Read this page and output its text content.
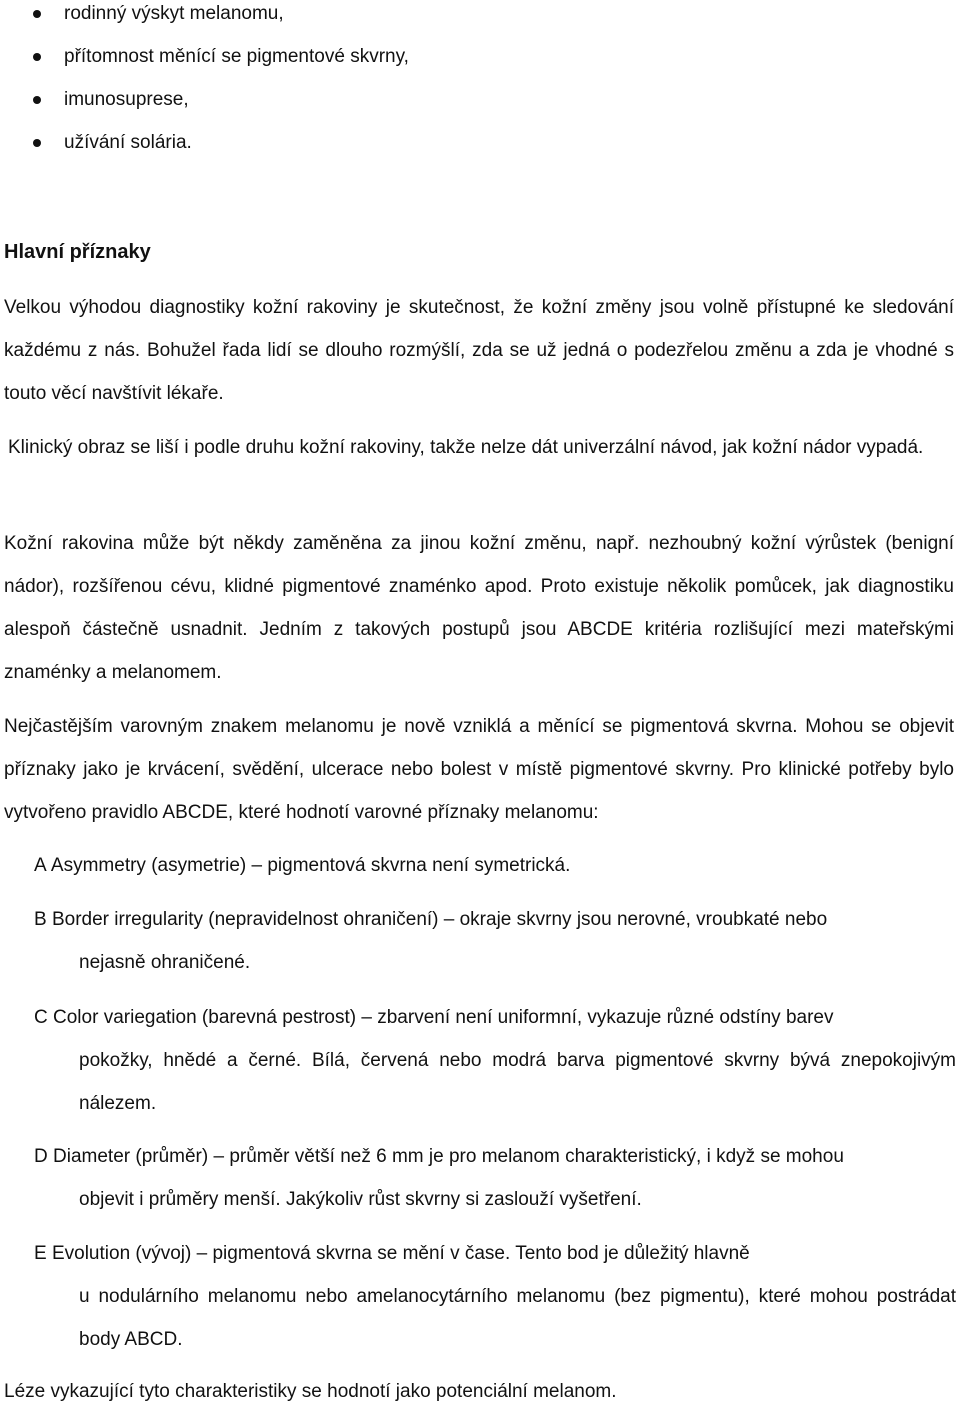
rodinný výskyt melanomu,
přítomnost měnící se pigmentové skvrny,
imunosuprese,
užívání solária.
Hlavní příznaky

Velkou výhodou diagnostiky kožní rakoviny je skutečnost, že kožní změny jsou volně přístupné ke sledování každému z nás. Bohužel řada lidí se dlouho rozmýšlí, zda se už jedná o podezřelou změnu a zda je vhodné s touto věcí navštívit lékaře.

Klinický obraz se liší i podle druhu kožní rakoviny, takže nelze dát univerzální návod, jak kožní nádor vypadá.

Kožní rakovina může být někdy zaměněna za jinou kožní změnu, např. nezhoubný kožní výrůstek (benigní nádor), rozšířenou cévu, klidné pigmentové znaménko apod. Proto existuje několik pomůcek, jak diagnostiku alespoň částečně usnadnit. Jedním z takových postupů jsou ABCDE kritéria rozlišující mezi mateřskými znaménky a melanomem.

Nejčastějším varovným znakem melanomu je nově vzniklá a měnící se pigmentová skvrna. Mohou se objevit příznaky jako je krvácení, svědění, ulcerace nebo bolest v místě pigmentové skvrny. Pro klinické potřeby bylo vytvořeno pravidlo ABCDE, které hodnotí varovné příznaky melanomu:

A Asymmetry (asymetrie) – pigmentová skvrna není symetrická.
B Border irregularity (nepravidelnost ohraničení) – okraje skvrny jsou nerovné, vroubkaté nebo
nejasně ohraničené.
C Color variegation (barevná pestrost) – zbarvení není uniformní, vykazuje různé odstíny barev
pokožky, hnědé a černé. Bílá, červená nebo modrá barva pigmentové skvrny bývá znepokojivým nálezem.
D Diameter (průměr) – průměr větší než 6 mm je pro melanom charakteristický, i když se mohou
objevit i průměry menší. Jakýkoliv růst skvrny si zaslouží vyšetření.
E Evolution (vývoj) – pigmentová skvrna se mění v čase. Tento bod je důležitý hlavně
u nodulárního melanomu nebo amelanocytárního melanomu (bez pigmentu), které mohou postrádat body ABCD.

Léze vykazující tyto charakteristiky se hodnotí jako potenciální melanom.
